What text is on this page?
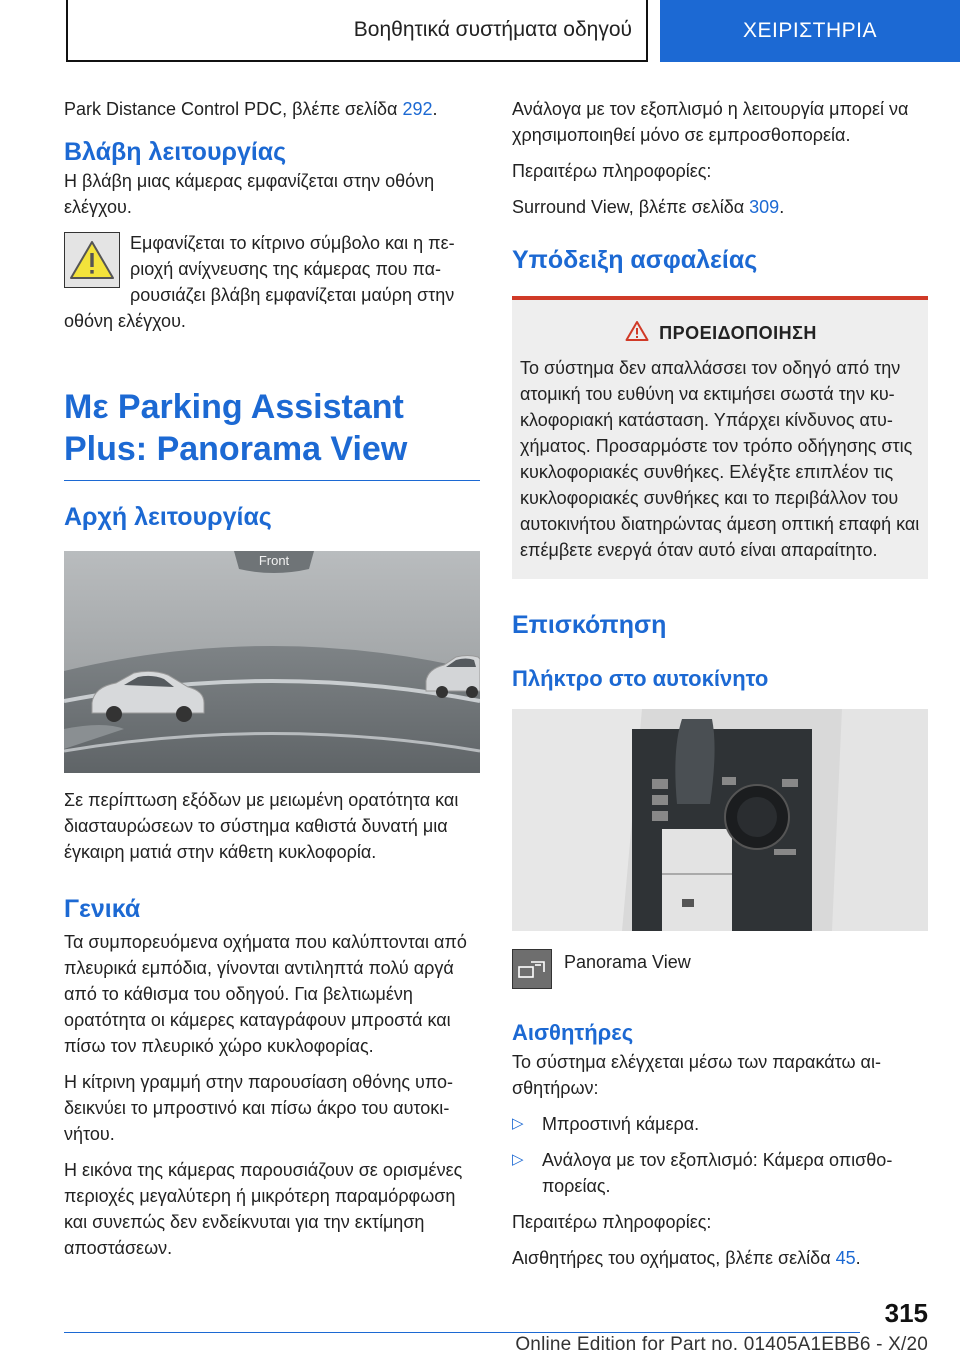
Βοηθητικά συστήματα οδηγού	ΧΕΙΡΙΣΤΗΡΙΑ

Park Distance Control PDC, βλέπε σελίδα 292.

Βλάβη λειτουργίας

Η βλάβη μιας κάμερας εμφανίζεται στην οθόνη ελέγχου.

Εμφανίζεται το κίτρινο σύμβολο και η περιοχή ανίχνευσης της κάμερας που παρουσιάζει βλάβη εμφανίζεται μαύρη στην οθόνη ελέγχου.

Με Parking Assistant Plus: Panorama View
Αρχή λειτουργίας
Front

Σε περίπτωση εξόδων με μειωμένη ορατότητα και διασταυρώσεων το σύστημα καθιστά δυνατή μια έγκαιρη ματιά στην κάθετη κυκλοφορία.

Γενικά

Τα συμπορευόμενα οχήματα που καλύπτονται από πλευρικά εμπόδια, γίνονται αντιληπτά πολύ αργά από το κάθισμα του οδηγού. Για βελτιωμένη ορατότητα οι κάμερες καταγράφουν μπροστά και πίσω τον πλευρικό χώρο κυκλοφορίας.

Η κίτρινη γραμμή στην παρουσίαση οθόνης υποδεικνύει το μπροστινό και πίσω άκρο του αυτοκινήτου.

Η εικόνα της κάμερας παρουσιάζουν σε ορισμένες περιοχές μεγαλύτερη ή μικρότερη παραμόρφωση και συνεπώς δεν ενδείκνυται για την εκτίμηση αποστάσεων.

Ανάλογα με τον εξοπλισμό η λειτουργία μπορεί να χρησιμοποιηθεί μόνο σε εμπροσθοπορεία.

Περαιτέρω πληροφορίες:

Surround View, βλέπε σελίδα 309.

Υπόδειξη ασφαλείας
ΠΡΟΕΙΔΟΠΟΙΗΣΗ

Το σύστημα δεν απαλλάσσει τον οδηγό από την ατομική του ευθύνη να εκτιμήσει σωστά την κυκλοφοριακή κατάσταση. Υπάρχει κίνδυνος ατυχήματος. Προσαρμόστε τον τρόπο οδήγησης στις κυκλοφοριακές συνθήκες. Ελέγξτε επιπλέον τις κυκλοφοριακές συνθήκες και το περιβάλλον του αυτοκινήτου διατηρώντας άμεση οπτική επαφή και επέμβετε ενεργά όταν αυτό είναι απαραίτητο.

Επισκόπηση
Πλήκτρο στο αυτοκίνητο

Panorama View

Αισθητήρες

Το σύστημα ελέγχεται μέσω των παρακάτω αισθητήρων:

▷	Μπροστινή κάμερα.

▷	Ανάλογα με τον εξοπλισμό: Κάμερα οπισθοπορείας.

Περαιτέρω πληροφορίες:

Αισθητήρες του οχήματος, βλέπε σελίδα 45.

315
Online Edition for Part no. 01405A1EBB6 - X/20
